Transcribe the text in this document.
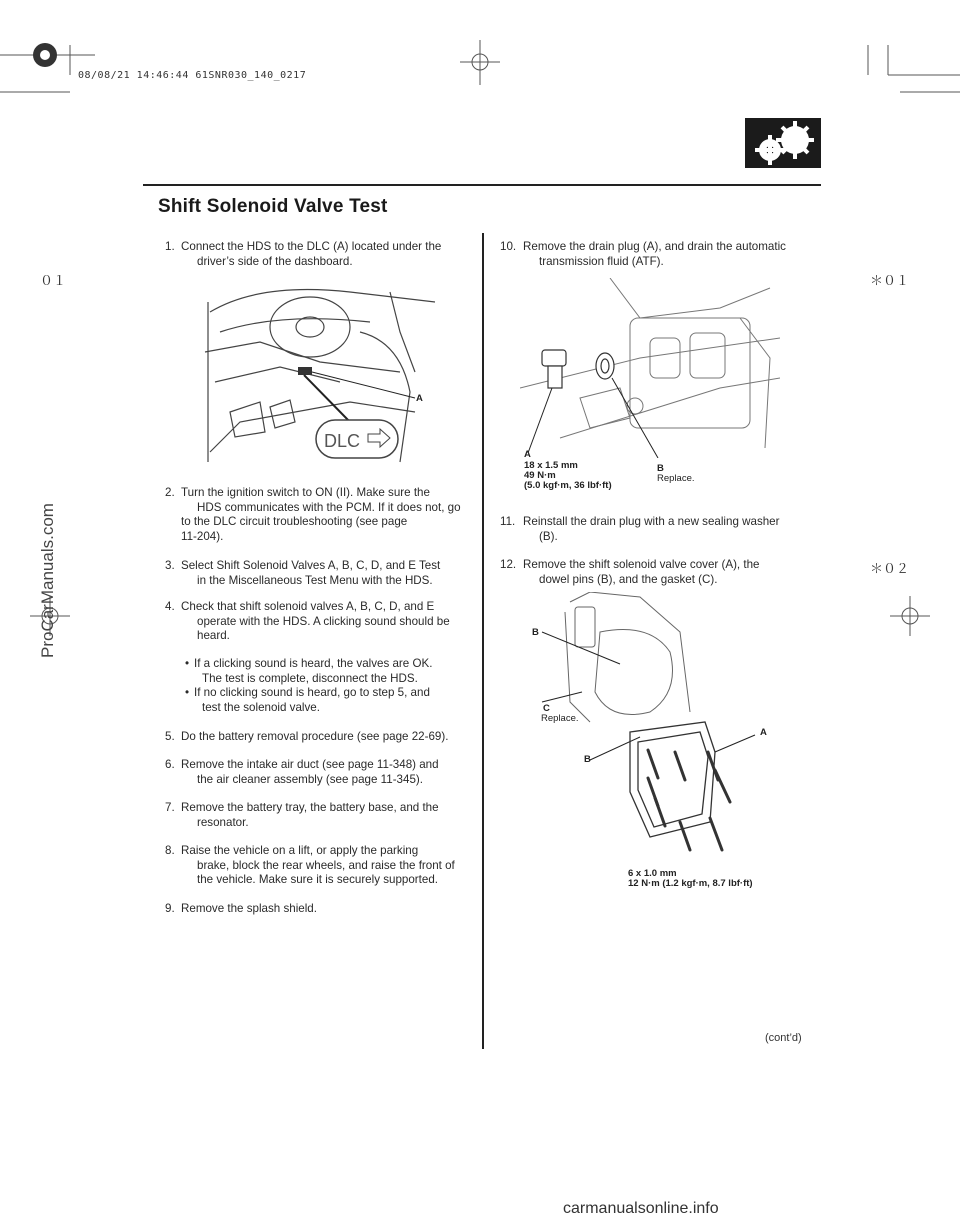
08/08/21 14:46:44 61SNR030_140_0217
Shift Solenoid Valve Test
０１	＊０１
＊０２
1. Connect the HDS to the DLC (A) located under the
driver’s side of the dashboard.
2. Turn the ignition switch to ON (II). Make sure the
HDS communicates with the PCM. If it does not, go
to the DLC circuit troubleshooting (see page
11-204).
3. Select Shift Solenoid Valves A, B, C, D, and E Test
in the Miscellaneous Test Menu with the HDS.
4. Check that shift solenoid valves A, B, C, D, and E
operate with the HDS. A clicking sound should be
heard.
• If a clicking sound is heard, the valves are OK.
The test is complete, disconnect the HDS.
• If no clicking sound is heard, go to step 5, and
test the solenoid valve.
5. Do the battery removal procedure (see page 22-69).
6. Remove the intake air duct (see page 11-348) and
the air cleaner assembly (see page 11-345).
7. Remove the battery tray, the battery base, and the
resonator.
8. Raise the vehicle on a lift, or apply the parking
brake, block the rear wheels, and raise the front of
the vehicle. Make sure it is securely supported.
9. Remove the splash shield.
DLC
A
10. Remove the drain plug (A), and drain the automatic
transmission fluid (ATF).
11. Reinstall the drain plug with a new sealing washer
(B).
12. Remove the shift solenoid valve cover (A), the
dowel pins (B), and the gasket (C).
A
18 x 1.5 mm
49 N·m
(5.0 kgf·m, 36 lbf·ft)
B
Replace.
B
C
Replace.
A
B
6 x 1.0 mm
12 N·m (1.2 kgf·m, 8.7 lbf·ft)
(cont’d)
ProCarManuals.com
carmanualsonline.info
